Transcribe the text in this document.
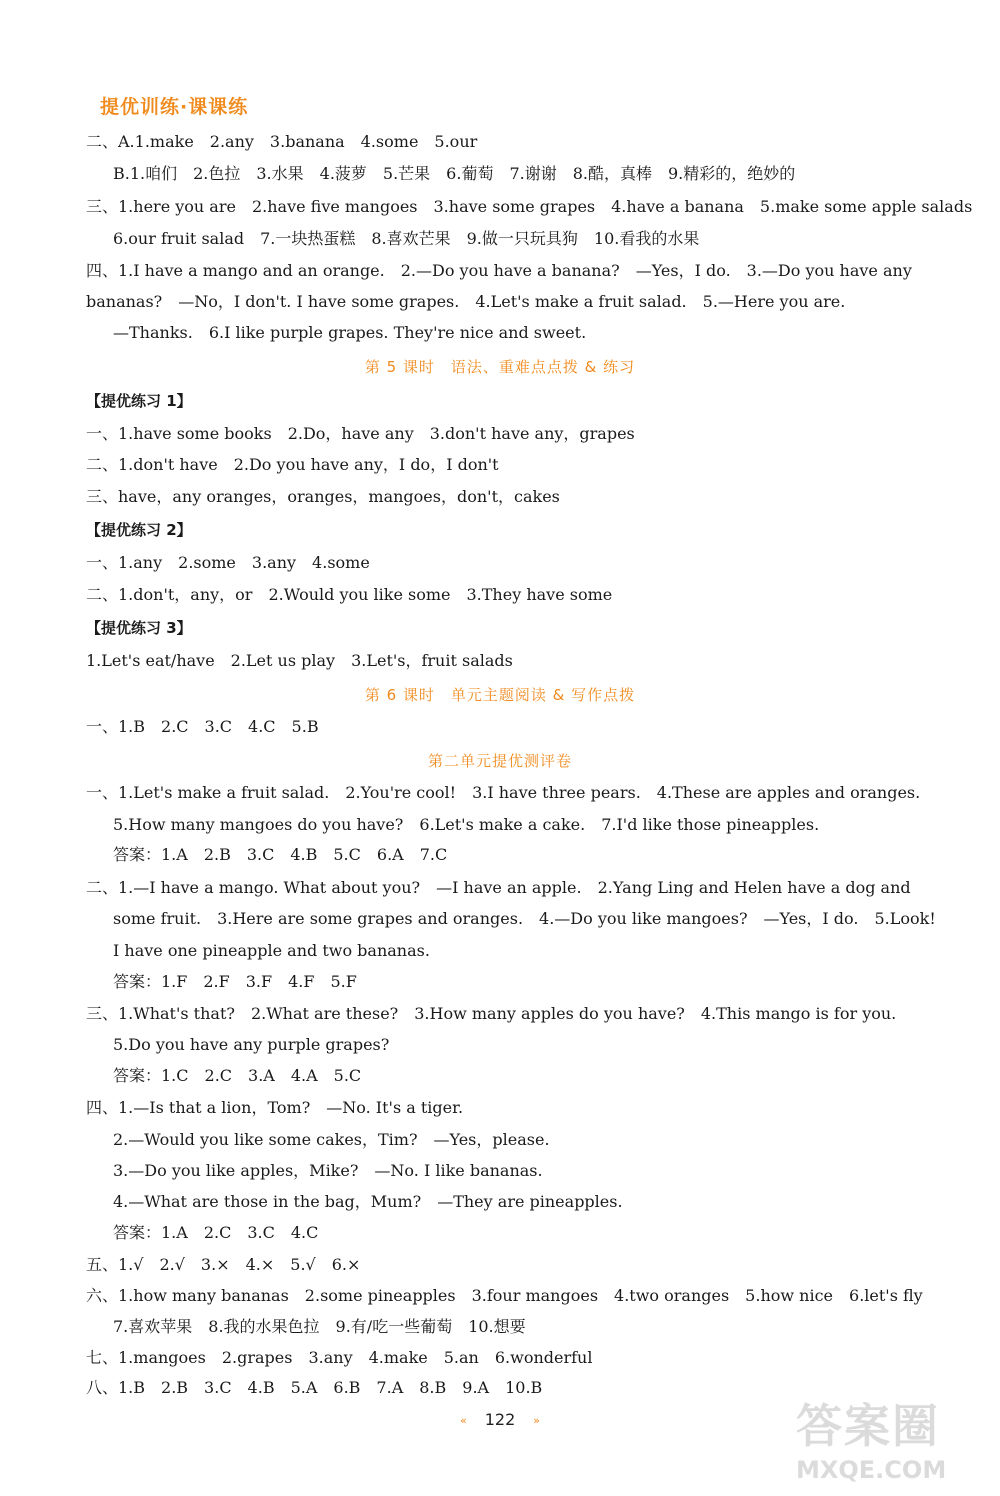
提优训练·课课练
二、A.1.make　2.any　3.banana　4.some　5.our
B.1.咱们　2.色拉　3.水果　4.菠萝　5.芒果　6.葡萄　7.谢谢　8.酷，真棒　9.精彩的，绝妙的
三、1.here you are　2.have five mangoes　3.have some grapes　4.have a banana　5.make some apple salads
6.our fruit salad　7.一块热蛋糕　8.喜欢芒果　9.做一只玩具狗　10.看我的水果
四、1.I have a mango and an orange.　2.—Do you have a banana?　—Yes，I do.　3.—Do you have any
bananas?　—No，I don't. I have some grapes.　4.Let's make a fruit salad.　5.—Here you are.
—Thanks.　6.I like purple grapes. They're nice and sweet.
第 5 课时　语法、重难点点拨 & 练习
【提优练习 1】
一、1.have some books　2.Do，have any　3.don't have any，grapes
二、1.don't have　2.Do you have any，I do，I don't
三、have，any oranges，oranges，mangoes，don't，cakes
【提优练习 2】
一、1.any　2.some　3.any　4.some
二、1.don't，any，or　2.Would you like some　3.They have some
【提优练习 3】
1.Let's eat/have　2.Let us play　3.Let's，fruit salads
第 6 课时　单元主题阅读 & 写作点拨
一、1.B　2.C　3.C　4.C　5.B
第二单元提优测评卷
一、1.Let's make a fruit salad.　2.You're cool!　3.I have three pears.　4.These are apples and oranges.
5.How many mangoes do you have?　6.Let's make a cake.　7.I'd like those pineapples.
答案：1.A　2.B　3.C　4.B　5.C　6.A　7.C
二、1.—I have a mango. What about you?　—I have an apple.　2.Yang Ling and Helen have a dog and
some fruit.　3.Here are some grapes and oranges.　4.—Do you like mangoes?　—Yes，I do.　5.Look!
I have one pineapple and two bananas.
答案：1.F　2.F　3.F　4.F　5.F
三、1.What's that?　2.What are these?　3.How many apples do you have?　4.This mango is for you.
5.Do you have any purple grapes?
答案：1.C　2.C　3.A　4.A　5.C
四、1.—Is that a lion，Tom?　—No. It's a tiger.
2.—Would you like some cakes，Tim?　—Yes，please.
3.—Do you like apples，Mike?　—No. I like bananas.
4.—What are those in the bag，Mum?　—They are pineapples.
答案：1.A　2.C　3.C　4.C
五、1.√　2.√　3.×　4.×　5.√　6.×
六、1.how many bananas　2.some pineapples　3.four mangoes　4.two oranges　5.how nice　6.let's fly
7.喜欢苹果　8.我的水果色拉　9.有/吃一些葡萄　10.想要
七、1.mangoes　2.grapes　3.any　4.make　5.an　6.wonderful
八、1.B　2.B　3.C　4.B　5.A　6.B　7.A　8.B　9.A　10.B
« 122 »	答案圈
MXQE.COM
